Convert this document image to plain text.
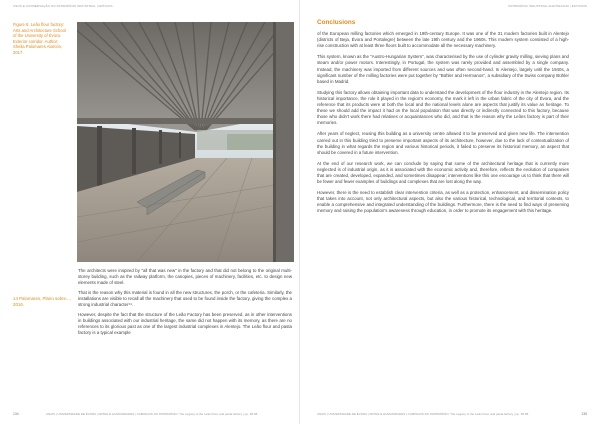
USOS E CONSERVAÇÃO DO PATRIMÓNIO INDUSTRIAL | ARTIGOS
Figure 6. Leão flour factory: Arts and Architecture School of the University of Évora. Exterior corridor. Author: Sheila Palomares Alarcón, 2017.
14 Palomares, Plano sobre..., 2016.

The architects were inspired by "all that was new" in the factory and that did not belong to the original multi-storey building, such as the railway platform, the canopies, pieces of machinery, facilities, etc. to design new elements made of steel.

That is the reason why this material is found in all the new structures, the porch, or the cafeteria. Similarly, the installations are visible to recall all the machinery that used to be found inside the factory, giving the complex a strong industrial character¹⁴.

However, despite the fact that the structure of the Leão Factory has been preserved, as in other interventions in buildings associated with our industrial heritage, the same did not happen with its memory, as there are no references to its glorious past as one of the largest industrial complexes in Alentejo. The Leão flour and pasta factory is a typical example

134	ANAIS | UNIVERSIDADE DE ÉVORA | ARTES E HUMANIDADES | CAMINHOS DO PATRIMÓNIO: The Legacy of the Leão Flour and pasta factory | pp. 38-58
PATRIMÓNIO INDUSTRIAL ALENTEJANO | ESTUDOS
Conclusions

of the European milling factories which emerged in 19th-century Europe. It was one of the 31 modern factories built in Alentejo (districts of Beja, Évora and Portalegre) between the late 19th century and the 1960s. This modern system consisted of a high-rise construction with at least three floors built to accommodate all the necessary machinery.

This system, known as the "Austro-Hungarian System", was characterised by the use of cylinder gravity milling, sieving plans and steam and/or power motors. Interestingly, in Portugal, the system was rarely provided and assembled by a single company. Instead, the machinery was imported from different sources and was often second-hand. In Alentejo, largely until the 1940s, a significant number of the milling factories were put together by "Bühler and Hermanos", a subsidiary of the Swiss company Bühler based in Madrid.

Studying this factory allows obtaining important data to understand the development of the flour industry in the Alentejo region. Its historical importance, the role it played in the region's economy, the mark it left in the urban fabric of the city of Évora, and the reference that its products were at both the local and the national levels alone are aspects that justify its value as heritage. To these we should add the impact it had on the local population that was directly or indirectly connected to this factory, because those who didn't work there had relatives or acquaintances who did, and that is the reason why the Leões factory is part of their memories.

After years of neglect, reusing this building as a university centre allowed it to be preserved and given new life. The intervention carried out in this building tried to preserve important aspects of its architecture, however, due to the lack of contextualization of the building in what regards the region and various historical periods, it failed to preserve its historical memory, an aspect that should be covered in a future intervention.

At the end of our research work, we can conclude by saying that some of the architectural heritage that is currently more neglected is of industrial origin, as it is associated with the economic activity and, therefore, reflects the evolution of companies that are created, developed, expanded, and sometimes disappear; interventions like this one encourage us to think that there will be fewer and fewer examples of buildings and complexes that are lost along the way.

However, there is the need to establish clear intervention criteria, as well as a protection, enhancement, and dissemination policy that takes into account, not only architectural aspects, but also the various historical, technological, and territorial contexts, to enable a comprehensive and integrated understanding of the buildings. Furthermore, there is the need to find ways of preserving memory and raising the population's awareness through education, in order to promote its engagement with this heritage.

ANAIS | UNIVERSIDADE DE ÉVORA | ARTES E HUMANIDADES | CAMINHOS DO PATRIMÓNIO: The Legacy of the Leão Flour and pasta factory | pp. 38-58	135
